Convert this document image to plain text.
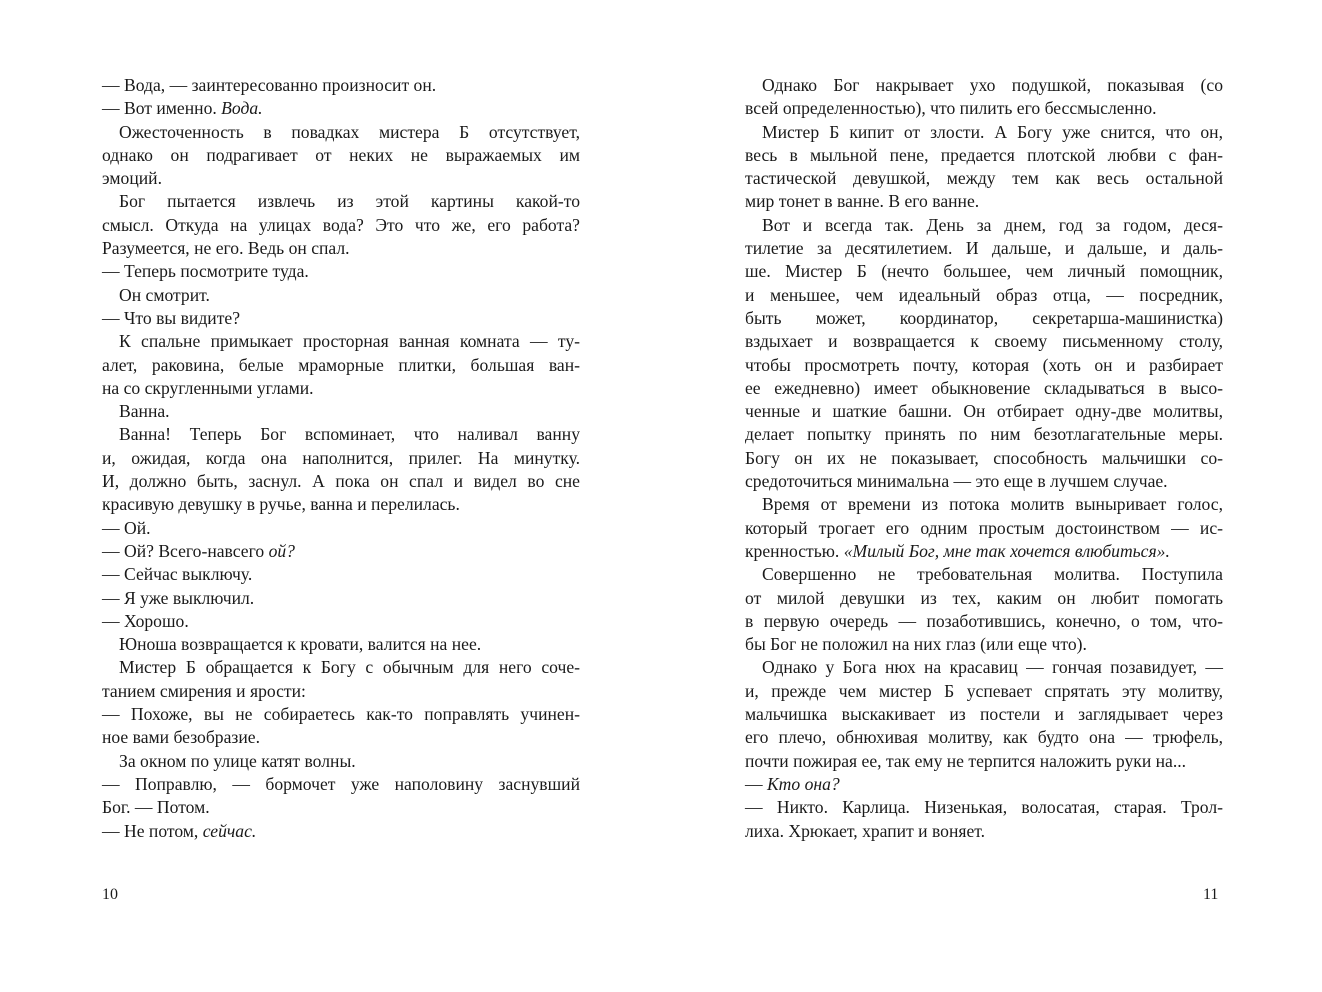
— Вода, — заинтересованно произносит он.
— Вот именно. Вода.
Ожесточенность в повадках мистера Б отсутствует,
однако он подрагивает от неких не выражаемых им
эмоций.
Бог пытается извлечь из этой картины какой-то
смысл. Откуда на улицах вода? Это что же, его работа?
Разумеется, не его. Ведь он спал.
— Теперь посмотрите туда.
Он смотрит.
— Что вы видите?
К спальне примыкает просторная ванная комната — ту-
алет, раковина, белые мраморные плитки, большая ван-
на со скругленными углами.
Ванна.
Ванна! Теперь Бог вспоминает, что наливал ванну
и, ожидая, когда она наполнится, прилег. На минутку.
И, должно быть, заснул. А пока он спал и видел во сне
красивую девушку в ручье, ванна и перелилась.
— Ой.
— Ой? Всего-навсего ой?
— Сейчас выключу.
— Я уже выключил.
— Хорошо.
Юноша возвращается к кровати, валится на нее.
Мистер Б обращается к Богу с обычным для него соче-
танием смирения и ярости:
— Похоже, вы не собираетесь как-то поправлять учинен-
ное вами безобразие.
За окном по улице катят волны.
— Поправлю, — бормочет уже наполовину заснувший
Бог. — Потом.
— Не потом, сейчас.
10
Однако Бог накрывает ухо подушкой, показывая (со
всей определенностью), что пилить его бессмысленно.
Мистер Б кипит от злости. А Богу уже снится, что он,
весь в мыльной пене, предается плотской любви с фан-
тастической девушкой, между тем как весь остальной
мир тонет в ванне. В его ванне.
Вот и всегда так. День за днем, год за годом, деся-
тилетие за десятилетием. И дальше, и дальше, и даль-
ше. Мистер Б (нечто большее, чем личный помощник,
и меньшее, чем идеальный образ отца, — посредник,
быть может, координатор, секретарша-машинистка)
вздыхает и возвращается к своему письменному столу,
чтобы просмотреть почту, которая (хоть он и разбирает
ее ежедневно) имеет обыкновение складываться в высо-
ченные и шаткие башни. Он отбирает одну-две молитвы,
делает попытку принять по ним безотлагательные меры.
Богу он их не показывает, способность мальчишки со-
средоточиться минимальна — это еще в лучшем случае.
Время от времени из потока молитв выныривает голос,
который трогает его одним простым достоинством — ис-
кренностью. «Милый Бог, мне так хочется влюбиться».
Совершенно не требовательная молитва. Поступила
от милой девушки из тех, каким он любит помогать
в первую очередь — позаботившись, конечно, о том, что-
бы Бог не положил на них глаз (или еще что).
Однако у Бога нюх на красавиц — гончая позавидует, —
и, прежде чем мистер Б успевает спрятать эту молитву,
мальчишка выскакивает из постели и заглядывает через
его плечо, обнюхивая молитву, как будто она — трюфель,
почти пожирая ее, так ему не терпится наложить руки на...
— Кто она?
— Никто. Карлица. Низенькая, волосатая, старая. Трол-
лиха. Хрюкает, храпит и воняет.
11
